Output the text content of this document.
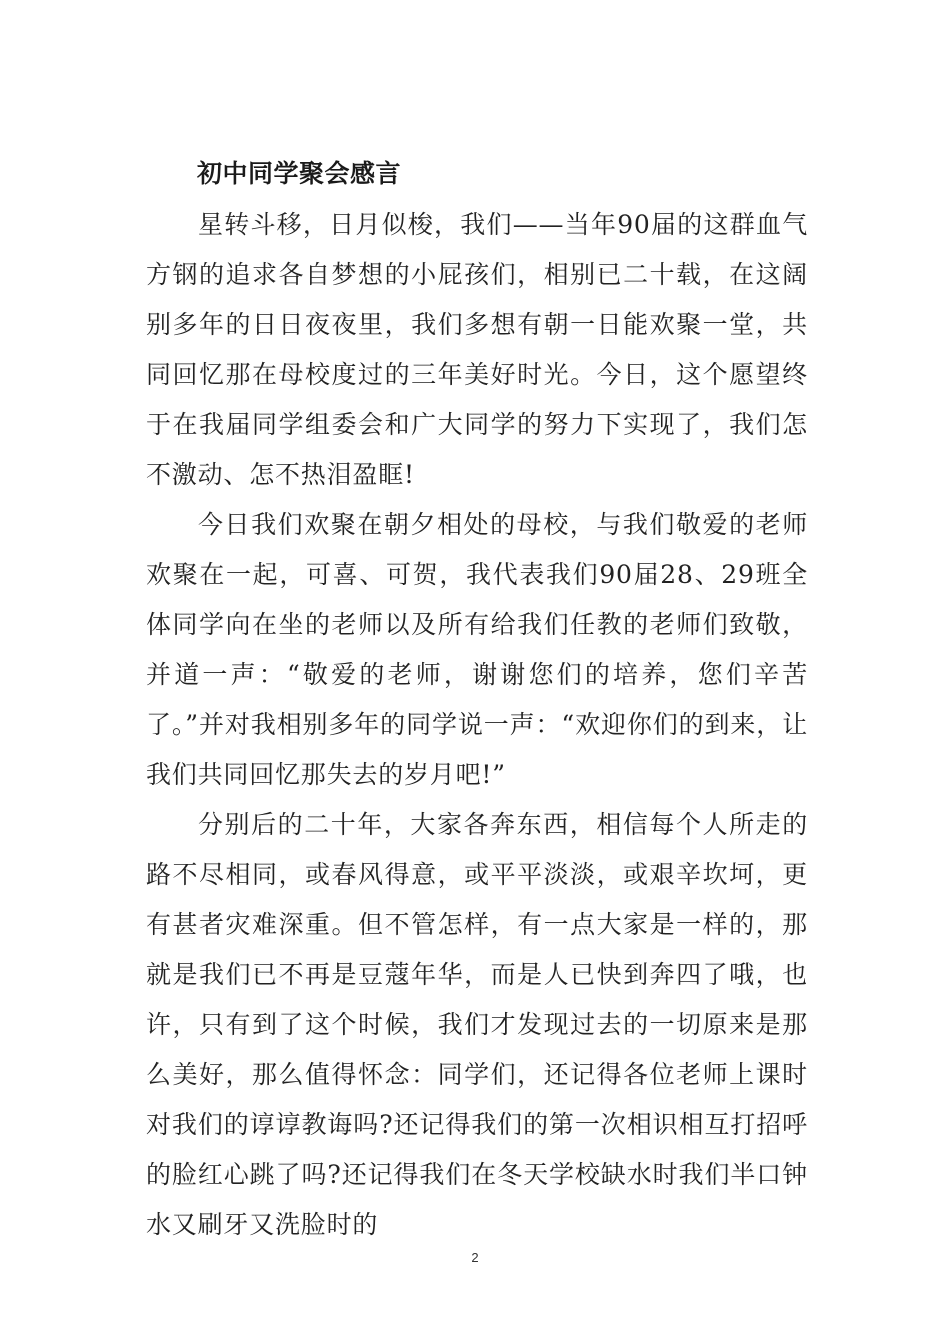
初中同学聚会感言

星转斗移，日月似梭，我们——当年90届的这群血气方钢的追求各自梦想的小屁孩们，相别已二十载，在这阔别多年的日日夜夜里，我们多想有朝一日能欢聚一堂，共同回忆那在母校度过的三年美好时光。今日，这个愿望终于在我届同学组委会和广大同学的努力下实现了，我们怎不激动、怎不热泪盈眶!

今日我们欢聚在朝夕相处的母校，与我们敬爱的老师欢聚在一起，可喜、可贺，我代表我们90届28、29班全体同学向在坐的老师以及所有给我们任教的老师们致敬，并道一声：“敬爱的老师，谢谢您们的培养，您们辛苦了。”并对我相别多年的同学说一声：“欢迎你们的到来，让我们共同回忆那失去的岁月吧!”

分别后的二十年，大家各奔东西，相信每个人所走的路不尽相同，或春风得意，或平平淡淡，或艰辛坎坷，更有甚者灾难深重。但不管怎样，有一点大家是一样的，那就是我们已不再是豆蔻年华，而是人已快到奔四了哦，也许，只有到了这个时候，我们才发现过去的一切原来是那么美好，那么值得怀念：同学们，还记得各位老师上课时对我们的谆谆教诲吗?还记得我们的第一次相识相互打招呼的脸红心跳了吗?还记得我们在冬天学校缺水时我们半口钟水又刷牙又洗脸时的

2
